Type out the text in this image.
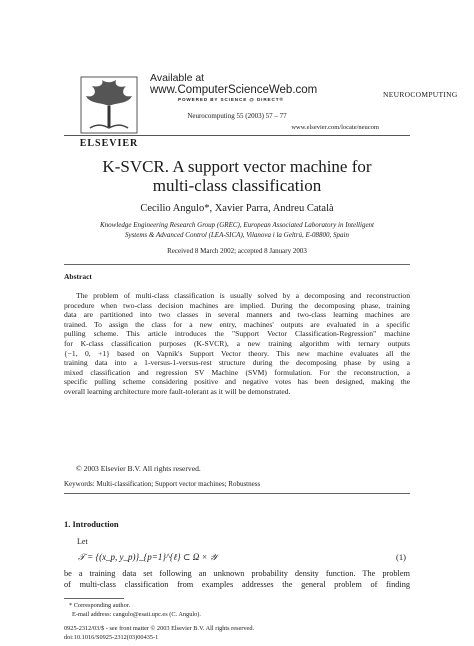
ELSEVIER
Available at
www.ComputerScienceWeb.com
POWERED BY SCIENCE @ DIRECT®
NEUROCOMPUTING
Neurocomputing 55 (2003) 57 – 77
www.elsevier.com/locate/neucom
K-SVCR. A support vector machine for
multi-class classification
Cecilio Angulo*, Xavier Parra, Andreu Català
Knowledge Engineering Research Group (GREC), European Associated Laboratory in Intelligent
Systems & Advanced Control (LEA-SICA), Vilanova i la Geltrú, E-08800, Spain
Received 8 March 2002; accepted 8 January 2003
Abstract
The problem of multi-class classification is usually solved by a decomposing and reconstruction
procedure when two-class decision machines are implied. During the decomposing phase, training
data are partitioned into two classes in several manners and two-class learning machines are
trained. To assign the class for a new entry, machines' outputs are evaluated in a specific
pulling scheme. This article introduces the "Support Vector Classification-Regression" machine
for K-class classification purposes (K-SVCR), a new training algorithm with ternary outputs
{−1, 0, +1} based on Vapnik's Support Vector theory. This new machine evaluates all the
training data into a 1-versus-1-versus-rest structure during the decomposing phase by using a
mixed classification and regression SV Machine (SVM) formulation. For the reconstruction, a
specific pulling scheme considering positive and negative votes has been designed, making the
overall learning architecture more fault-tolerant as it will be demonstrated.
© 2003 Elsevier B.V. All rights reserved.
Keywords: Multi-classification; Support vector machines; Robustness
1. Introduction
Let
𝒯 = {(x_p, y_p)}_{p=1}^{ℓ} ⊂ Ω × 𝒴	(1)
be a training data set following an unknown probability density function. The problem
of multi-class classification from examples addresses the general problem of finding
* Corresponding author.
E-mail address: cangulo@esaii.upc.es (C. Angulo).
0925-2312/03/$ - see front matter © 2003 Elsevier B.V. All rights reserved.
doi:10.1016/S0925-2312(03)00435-1
